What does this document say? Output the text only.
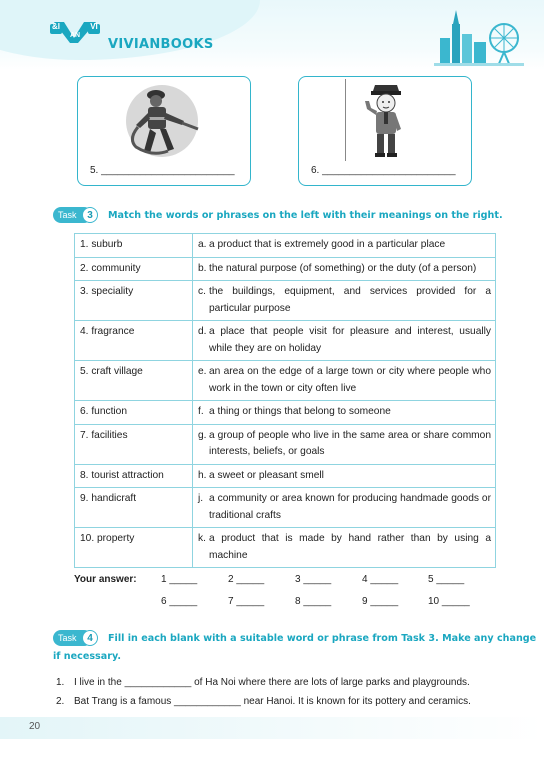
&I	VI
AN
VIVIANBOOKS
5. ________________________	6. ________________________
Task	3	Match the words or phrases on the left with their meanings on the right.
1. suburb	a. a product that is extremely good in a particular place

2. community	b. the natural purpose (of something) or the duty (of a person)

3. speciality	c. the buildings, equipment, and services provided for a particular purpose

4. fragrance	d. a place that people visit for pleasure and interest, usually while they are on holiday

5. craft village	e. an area on the edge of a large town or city where people who work in the town or city often live

6. function	f. a thing or things that belong to someone

7. facilities	g. a group of people who live in the same area or share common interests, beliefs, or goals

8. tourist attraction	h. a sweet or pleasant smell

9. handicraft	j. a community or area known for producing handmade goods or traditional crafts

10. property	k. a product that is made by hand rather than by using a machine
Your answer: 1 _____	2 _____	3 _____	4 _____	5 _____
6 _____	7 _____	8 _____	9 _____	10 _____
Task	4	Fill in each blank with a suitable word or phrase from Task 3. Make any change
if necessary.
1. I live in the ____________ of Ha Noi where there are lots of large parks and playgrounds.
2. Bat Trang is a famous ____________ near Hanoi. It is known for its pottery and ceramics.
20
